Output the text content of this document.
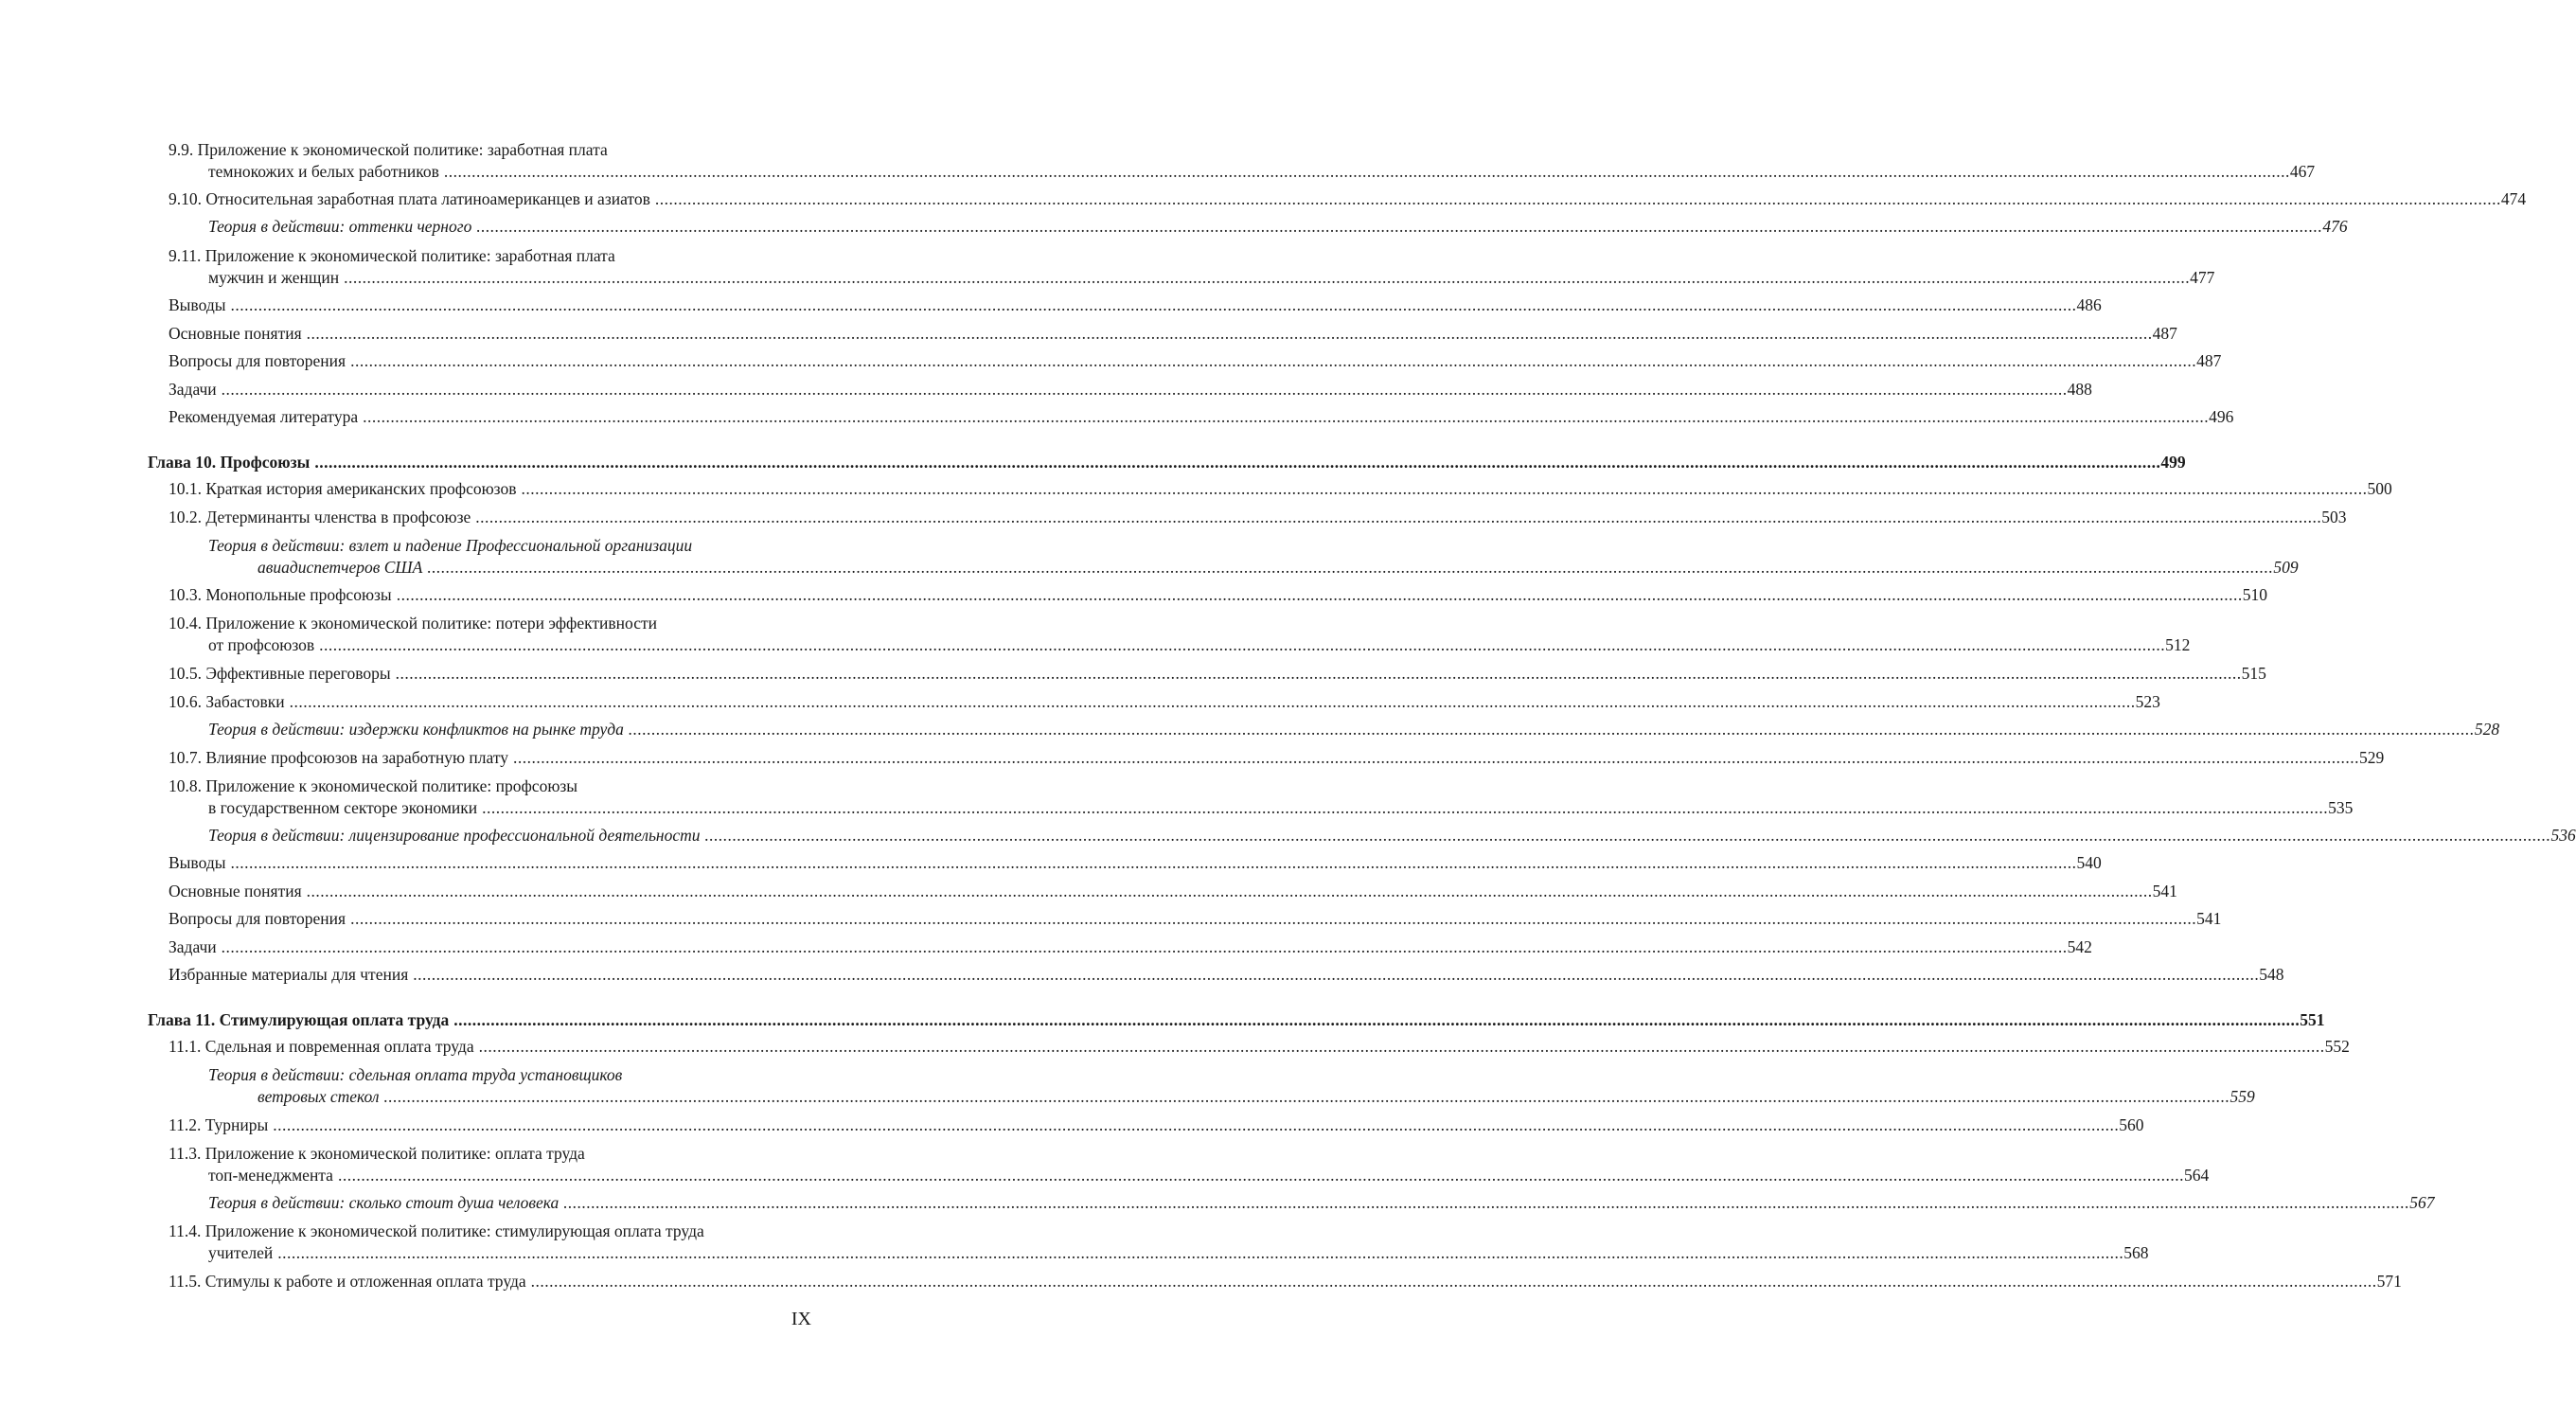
9.9. Приложение к экономической политике: заработная плата
темнокожих и белых работников ................................................................................................................................................................................................................................................................................................................................................................................................................ 467
9.10. Относительная заработная плата латиноамериканцев и азиатов ................................................................................................................................................................................................................................................................................................................................................................................................................ 474
Теория в действии: оттенки черного ................................................................................................................................................................................................................................................................................................................................................................................................................ 476
9.11. Приложение к экономической политике: заработная плата
мужчин и женщин ................................................................................................................................................................................................................................................................................................................................................................................................................ 477
Выводы ................................................................................................................................................................................................................................................................................................................................................................................................................ 486
Основные понятия ................................................................................................................................................................................................................................................................................................................................................................................................................ 487
Вопросы для повторения ................................................................................................................................................................................................................................................................................................................................................................................................................ 487
Задачи ................................................................................................................................................................................................................................................................................................................................................................................................................ 488
Рекомендуемая литература ................................................................................................................................................................................................................................................................................................................................................................................................................ 496
Глава 10. Профсоюзы ................................................................................................................................................................................................................................................................................................................................................................................................................ 499
10.1. Краткая история американских профсоюзов ................................................................................................................................................................................................................................................................................................................................................................................................................ 500
10.2. Детерминанты членства в профсоюзе ................................................................................................................................................................................................................................................................................................................................................................................................................ 503
Теория в действии: взлет и падение Профессиональной организации
авиадиспетчеров США ................................................................................................................................................................................................................................................................................................................................................................................................................ 509
10.3. Монопольные профсоюзы ................................................................................................................................................................................................................................................................................................................................................................................................................ 510
10.4. Приложение к экономической политике: потери эффективности
от профсоюзов ................................................................................................................................................................................................................................................................................................................................................................................................................ 512
10.5. Эффективные переговоры ................................................................................................................................................................................................................................................................................................................................................................................................................ 515
10.6. Забастовки ................................................................................................................................................................................................................................................................................................................................................................................................................ 523
Теория в действии: издержки конфликтов на рынке труда ................................................................................................................................................................................................................................................................................................................................................................................................................ 528
10.7. Влияние профсоюзов на заработную плату ................................................................................................................................................................................................................................................................................................................................................................................................................ 529
10.8. Приложение к экономической политике: профсоюзы
в государственном секторе экономики ................................................................................................................................................................................................................................................................................................................................................................................................................ 535
Теория в действии: лицензирование профессиональной деятельности ................................................................................................................................................................................................................................................................................................................................................................................................................ 536
Выводы ................................................................................................................................................................................................................................................................................................................................................................................................................ 540
Основные понятия ................................................................................................................................................................................................................................................................................................................................................................................................................ 541
Вопросы для повторения ................................................................................................................................................................................................................................................................................................................................................................................................................ 541
Задачи ................................................................................................................................................................................................................................................................................................................................................................................................................ 542
Избранные материалы для чтения ................................................................................................................................................................................................................................................................................................................................................................................................................ 548
Глава 11. Стимулирующая оплата труда ................................................................................................................................................................................................................................................................................................................................................................................................................ 551
11.1. Сдельная и повременная оплата труда ................................................................................................................................................................................................................................................................................................................................................................................................................ 552
Теория в действии: сдельная оплата труда установщиков
ветровых стекол ................................................................................................................................................................................................................................................................................................................................................................................................................ 559
11.2. Турниры ................................................................................................................................................................................................................................................................................................................................................................................................................ 560
11.3. Приложение к экономической политике: оплата труда
топ-менеджмента ................................................................................................................................................................................................................................................................................................................................................................................................................ 564
Теория в действии: сколько стоит душа человека ................................................................................................................................................................................................................................................................................................................................................................................................................ 567
11.4. Приложение к экономической политике: стимулирующая оплата труда
учителей ................................................................................................................................................................................................................................................................................................................................................................................................................ 568
11.5. Стимулы к работе и отложенная оплата труда ................................................................................................................................................................................................................................................................................................................................................................................................................ 571
IX
